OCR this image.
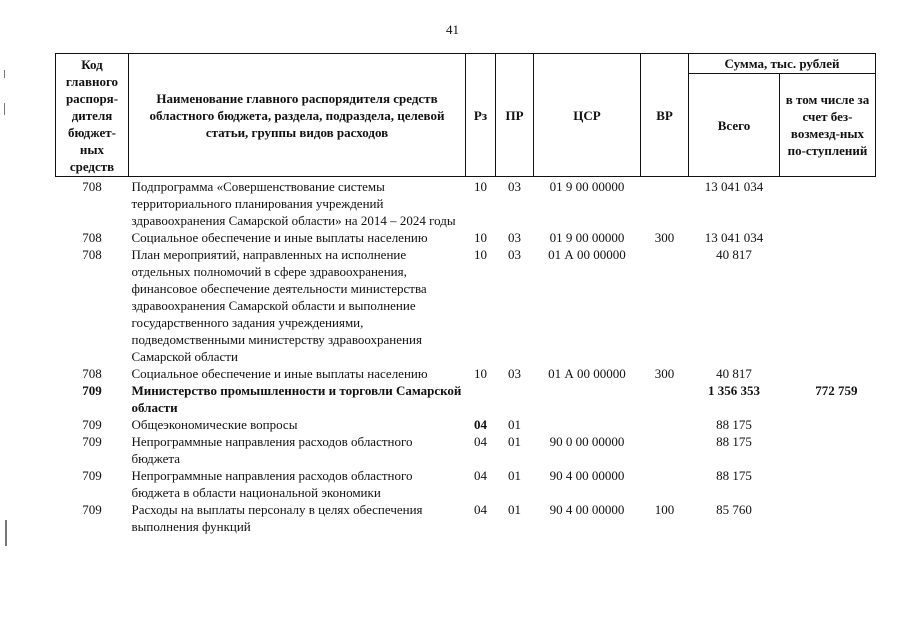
41
Код главного распоря-дителя бюджет-ных средств	Наименование главного распорядителя средств областного бюджета, раздела, подраздела, целевой статьи, группы видов расходов	Рз	ПР	ЦСР	ВР	Сумма, тыс. рублей	
						Всего	в том числе за счет без-возмезд-ных по-ступлений
708	Подпрограмма «Совершенствование системы территориального планирования учреждений здравоохранения Самарской области» на 2014 – 2024 годы	10	03	01 9 00 00000		13 041 034	
708	Социальное обеспечение и иные выплаты населению	10	03	01 9 00 00000	300	13 041 034	
708	План мероприятий, направленных на исполнение отдельных полномочий в сфере здравоохранения, финансовое обеспечение деятельности министерства здравоохранения Самарской области и выполнение государственного задания учреждениями, подведомственными министерству здравоохранения Самарской области	10	03	01 А 00 00000		40 817	
708	Социальное обеспечение и иные выплаты населению	10	03	01 А 00 00000	300	40 817	
709	Министерство промышленности и торговли Самарской области					1 356 353	772 759
709	Общеэкономические вопросы	04	01			88 175	
709	Непрограммные направления расходов областного бюджета	04	01	90 0 00 00000		88 175	
709	Непрограммные направления расходов областного бюджета в области национальной экономики	04	01	90 4 00 00000		88 175	
709	Расходы на выплаты персоналу в целях обеспечения выполнения функций	04	01	90 4 00 00000	100	85 760	
